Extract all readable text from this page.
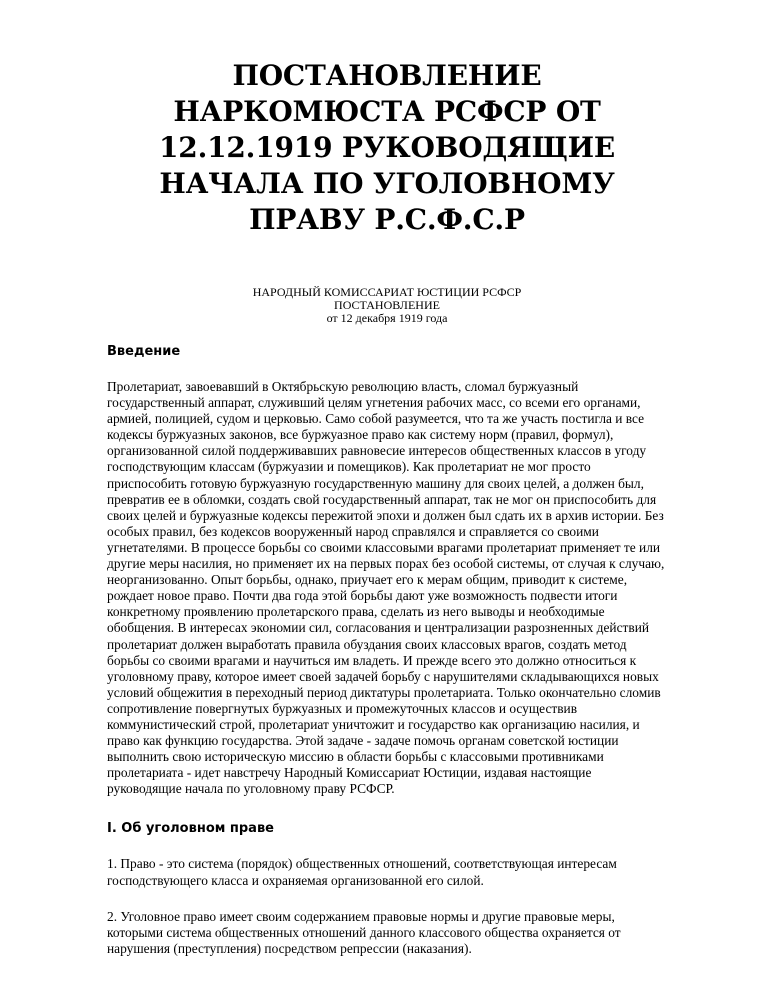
ПОСТАНОВЛЕНИЕ НАРКОМЮСТА РСФСР ОТ 12.12.1919 РУКОВОДЯЩИЕ НАЧАЛА ПО УГОЛОВНОМУ ПРАВУ Р.С.Ф.С.Р
НАРОДНЫЙ КОМИССАРИАТ ЮСТИЦИИ РСФСР
ПОСТАНОВЛЕНИЕ
от 12 декабря 1919 года
Введение

Пролетариат, завоевавший в Октябрьскую революцию власть, сломал буржуазный государственный аппарат, служивший целям угнетения рабочих масс, со всеми его органами, армией, полицией, судом и церковью. Само собой разумеется, что та же участь постигла и все кодексы буржуазных законов, все буржуазное право как систему норм (правил, формул), организованной силой поддерживавших равновесие интересов общественных классов в угоду господствующим классам (буржуазии и помещиков). Как пролетариат не мог просто приспособить готовую буржуазную государственную машину для своих целей, а должен был, превратив ее в обломки, создать свой государственный аппарат, так не мог он приспособить для своих целей и буржуазные кодексы пережитой эпохи и должен был сдать их в архив истории. Без особых правил, без кодексов вооруженный народ справлялся и справляется со своими угнетателями. В процессе борьбы со своими классовыми врагами пролетариат применяет те или другие меры насилия, но применяет их на первых порах без особой системы, от случая к случаю, неорганизованно. Опыт борьбы, однако, приучает его к мерам общим, приводит к системе, рождает новое право. Почти два года этой борьбы дают уже возможность подвести итоги конкретному проявлению пролетарского права, сделать из него выводы и необходимые обобщения. В интересах экономии сил, согласования и централизации разрозненных действий пролетариат должен выработать правила обуздания своих классовых врагов, создать метод борьбы со своими врагами и научиться им владеть. И прежде всего это должно относиться к уголовному праву, которое имеет своей задачей борьбу с нарушителями складывающихся новых условий общежития в переходный период диктатуры пролетариата. Только окончательно сломив сопротивление повергнутых буржуазных и промежуточных классов и осуществив коммунистический строй, пролетариат уничтожит и государство как организацию насилия, и право как функцию государства. Этой задаче - задаче помочь органам советской юстиции выполнить свою историческую миссию в области борьбы с классовыми противниками пролетариата - идет навстречу Народный Комиссариат Юстиции, издавая настоящие руководящие начала по уголовному праву РСФСР.

I. Об уголовном праве

1. Право - это система (порядок) общественных отношений, соответствующая интересам господствующего класса и охраняемая организованной его силой.

2. Уголовное право имеет своим содержанием правовые нормы и другие правовые меры, которыми система общественных отношений данного классового общества охраняется от нарушения (преступления) посредством репрессии (наказания).
